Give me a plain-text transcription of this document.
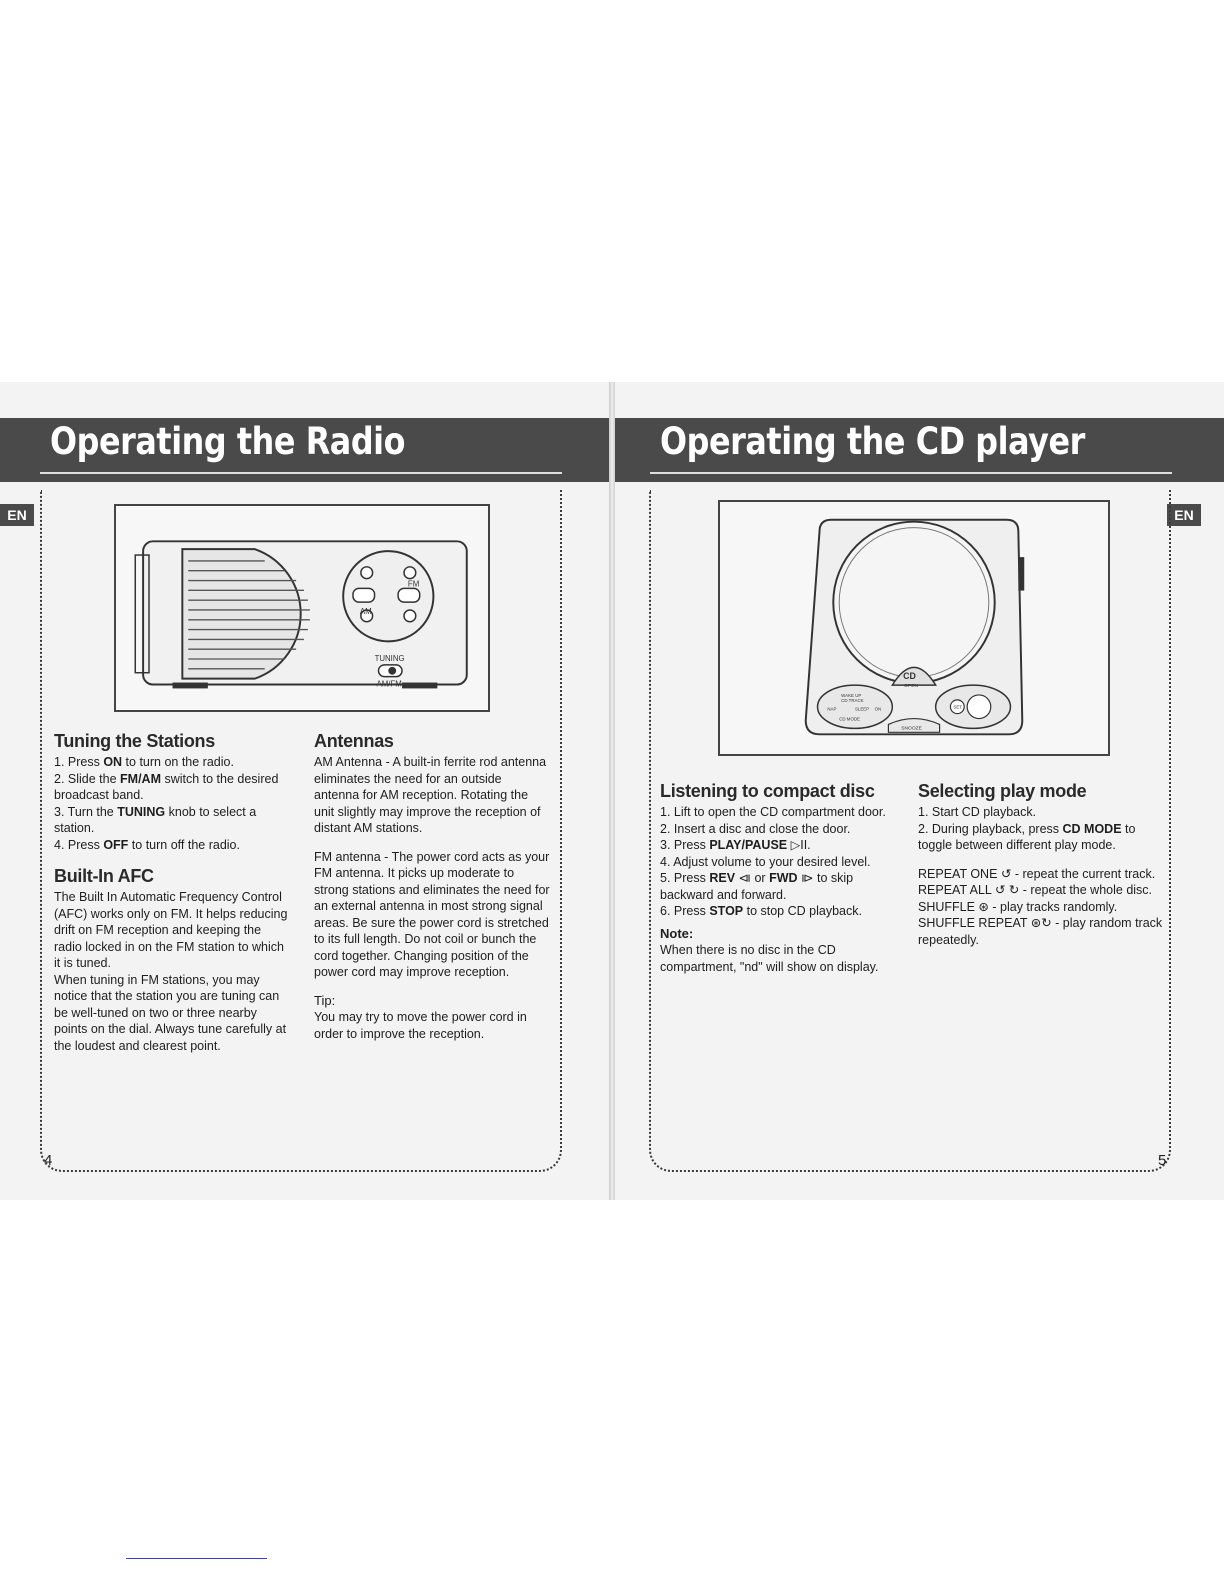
Operating the Radio
EN
FM
AM
TUNING
AM/FM
Tuning the Stations

1. Press ON to turn on the radio.

2. Slide the FM/AM switch to the desired broadcast band.

3. Turn the TUNING knob to select a station.

4. Press OFF to turn off the radio.

Built-In AFC

The Built In Automatic Frequency Control (AFC) works only on FM. It helps reducing drift on FM reception and keeping the radio locked in on the FM station to which it is tuned.

When tuning in FM stations, you may notice that the station you are tuning can be well-tuned on two or three nearby points on the dial. Always tune carefully at the loudest and clearest point.

Antennas

AM Antenna - A built-in ferrite rod antenna eliminates the need for an outside antenna for AM reception. Rotating the unit slightly may improve the reception of distant AM stations.

FM antenna - The power cord acts as your FM antenna. It picks up moderate to strong stations and eliminates the need for an external antenna in most strong signal areas. Be sure the power cord is stretched to its full length. Do not coil or bunch the cord together. Changing position of the power cord may improve reception.

Tip:

You may try to move the power cord in order to improve the reception.

4
Operating the CD player
EN
CD
OPEN
WAKE UP
CD TRACK
NAP	SLEEP ON
CD MODE
SET
SNOOZE
Listening to compact disc

1. Lift to open the CD compartment door.

2. Insert a disc and close the door.

3. Press PLAY/PAUSE ▷II.

4. Adjust volume to your desired level.

5. Press REV ⧏ or FWD ⧐ to skip backward and forward.

6. Press STOP to stop CD playback.

Note:

When there is no disc in the CD compartment, "nd" will show on display.

Selecting play mode

1. Start CD playback.

2. During playback, press CD MODE to toggle between different play mode.

REPEAT ONE ↺ - repeat the current track.

REPEAT ALL ↺ ↻ - repeat the whole disc.

SHUFFLE ⊛ - play tracks randomly.

SHUFFLE REPEAT ⊛↻ - play random track repeatedly.

5
